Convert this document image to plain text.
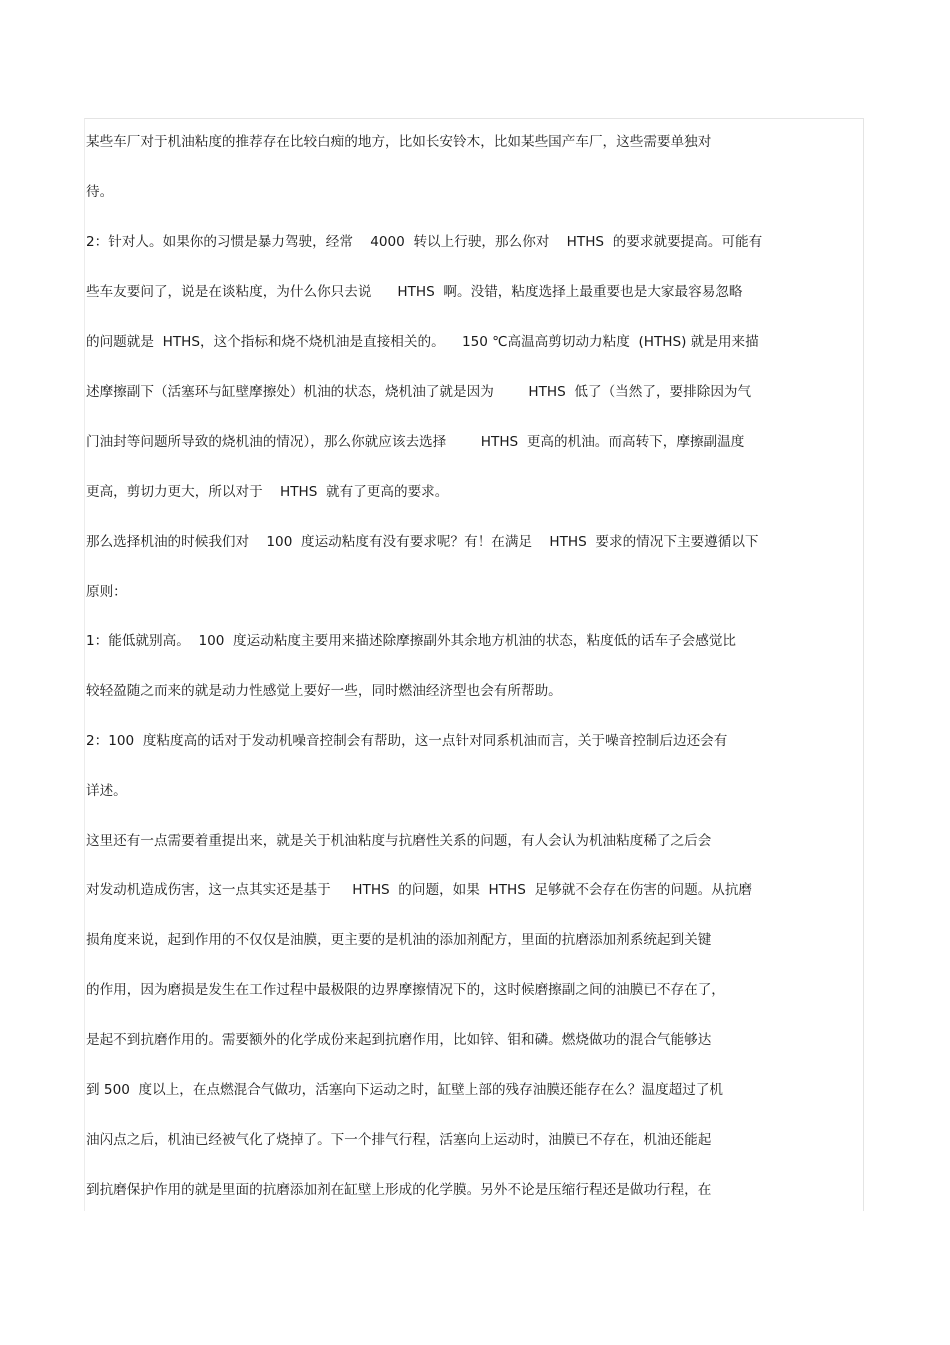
某些车厂对于机油粘度的推荐存在比较白痴的地方，比如长安铃木，比如某些国产车厂，这些需要单独对
待。
2：针对人。如果你的习惯是暴力驾驶，经常    4000  转以上行驶，那么你对    HTHS  的要求就要提高。可能有
些车友要问了，说是在谈粘度，为什么你只去说      HTHS  啊。没错，粘度选择上最重要也是大家最容易忽略
的问题就是  HTHS，这个指标和烧不烧机油是直接相关的。    150 ℃高温高剪切动力粘度  (HTHS) 就是用来描
述摩擦副下（活塞环与缸壁摩擦处）机油的状态，烧机油了就是因为        HTHS  低了（当然了，要排除因为气
门油封等问题所导致的烧机油的情况），那么你就应该去选择        HTHS  更高的机油。而高转下，摩擦副温度
更高，剪切力更大，所以对于    HTHS  就有了更高的要求。
那么选择机油的时候我们对    100  度运动粘度有没有要求呢？有！在满足    HTHS  要求的情况下主要遵循以下
原则：
1：能低就别高。  100  度运动粘度主要用来描述除摩擦副外其余地方机油的状态，粘度低的话车子会感觉比
较轻盈随之而来的就是动力性感觉上要好一些，同时燃油经济型也会有所帮助。
2：100  度粘度高的话对于发动机噪音控制会有帮助，这一点针对同系机油而言，关于噪音控制后边还会有
详述。
这里还有一点需要着重提出来，就是关于机油粘度与抗磨性关系的问题，有人会认为机油粘度稀了之后会
对发动机造成伤害，这一点其实还是基于     HTHS  的问题，如果  HTHS  足够就不会存在伤害的问题。从抗磨
损角度来说，起到作用的不仅仅是油膜，更主要的是机油的添加剂配方，里面的抗磨添加剂系统起到关键
的作用，因为磨损是发生在工作过程中最极限的边界摩擦情况下的，这时候磨擦副之间的油膜已不存在了，
是起不到抗磨作用的。需要额外的化学成份来起到抗磨作用，比如锌、钼和磷。燃烧做功的混合气能够达
到 500  度以上，在点燃混合气做功，活塞向下运动之时，缸壁上部的残存油膜还能存在么？温度超过了机
油闪点之后，机油已经被气化了烧掉了。下一个排气行程，活塞向上运动时，油膜已不存在，机油还能起
到抗磨保护作用的就是里面的抗磨添加剂在缸壁上形成的化学膜。另外不论是压缩行程还是做功行程，在
